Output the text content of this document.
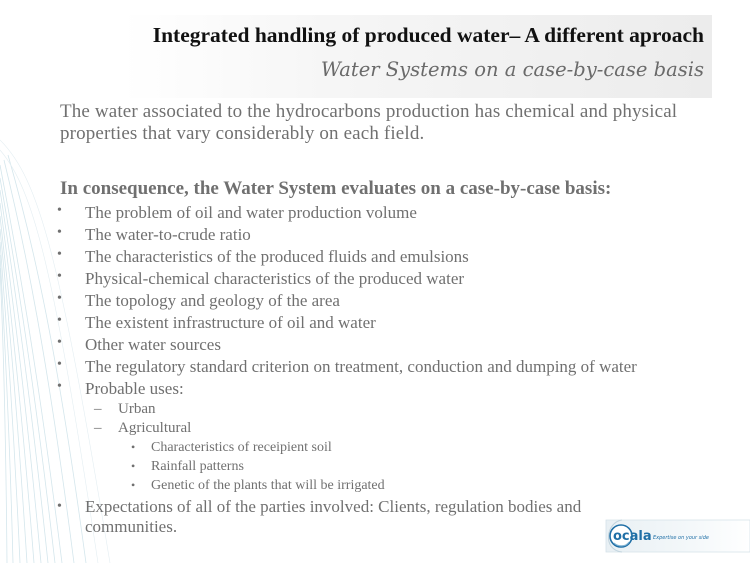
Integrated handling of produced water– A different aproach
Water Systems on a case-by-case basis

The water associated to the hydrocarbons production has chemical and physical properties that vary considerably on each field.

In consequence, the Water System evaluates on a case-by-case basis:

• The problem of oil and water production volume
• The water-to-crude ratio
• The characteristics of the produced fluids and emulsions
• Physical-chemical characteristics of the produced water
• The topology and geology of the area
• The existent infrastructure of oil and water
• Other water sources
• The regulatory standard criterion on treatment, conduction and dumping of water
• Probable uses:
– Urban
– Agricultural
• Characteristics of receipient soil
• Rainfall patterns
• Genetic of the plants that will be irrigated
• Expectations of all of the parties involved: Clients, regulation bodies and communities.
ocala Expertise on your side
